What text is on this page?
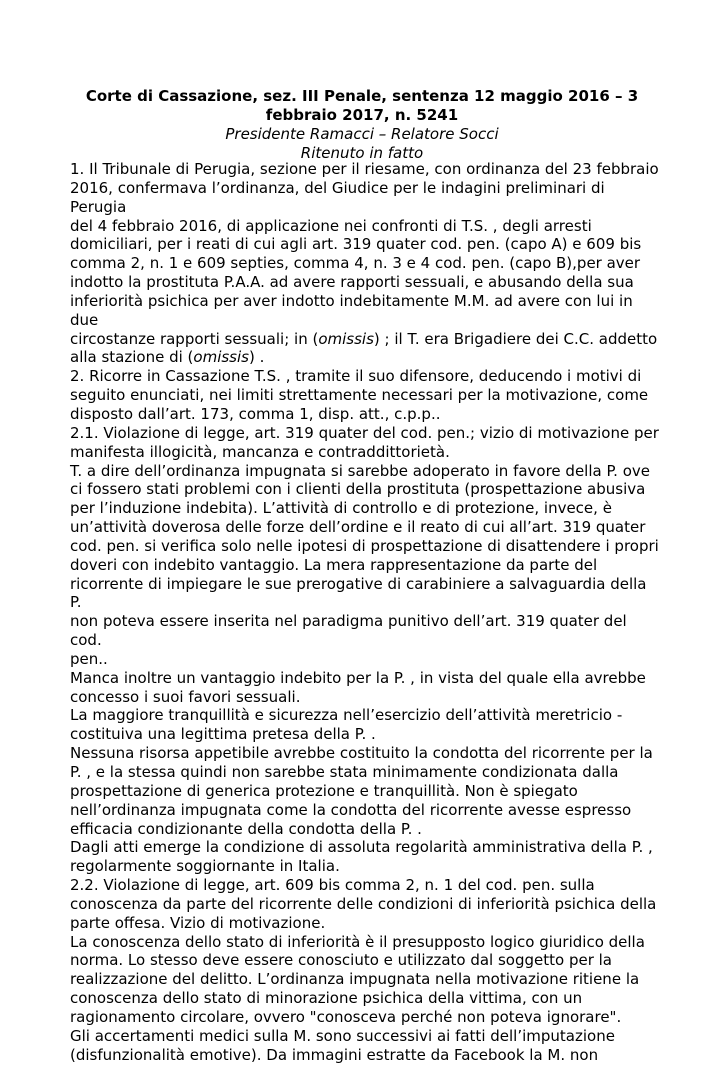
Corte di Cassazione, sez. III Penale, sentenza 12 maggio 2016 – 3 febbraio 2017, n. 5241

Presidente Ramacci – Relatore Socci

Ritenuto in fatto

1. Il Tribunale di Perugia, sezione per il riesame, con ordinanza del 23 febbraio
2016, confermava l’ordinanza, del Giudice per le indagini preliminari di Perugia
del 4 febbraio 2016, di applicazione nei confronti di T.S. , degli arresti
domiciliari, per i reati di cui agli art. 319 quater cod. pen. (capo A) e 609 bis
comma 2, n. 1 e 609 septies, comma 4, n. 3 e 4 cod. pen. (capo B),per aver
indotto la prostituta P.A.A. ad avere rapporti sessuali, e abusando della sua
inferiorità psichica per aver indotto indebitamente M.M. ad avere con lui in due
circostanze rapporti sessuali; in (omissis) ; il T. era Brigadiere dei C.C. addetto
alla stazione di (omissis) .

2. Ricorre in Cassazione T.S. , tramite il suo difensore, deducendo i motivi di
seguito enunciati, nei limiti strettamente necessari per la motivazione, come
disposto dall’art. 173, comma 1, disp. att., c.p.p..

2.1. Violazione di legge, art. 319 quater del cod. pen.; vizio di motivazione per
manifesta illogicità, mancanza e contraddittorietà.

T. a dire dell’ordinanza impugnata si sarebbe adoperato in favore della P. ove
ci fossero stati problemi con i clienti della prostituta (prospettazione abusiva
per l’induzione indebita). L’attività di controllo e di protezione, invece, è
un’attività doverosa delle forze dell’ordine e il reato di cui all’art. 319 quater
cod. pen. si verifica solo nelle ipotesi di prospettazione di disattendere i propri
doveri con indebito vantaggio. La mera rappresentazione da parte del
ricorrente di impiegare le sue prerogative di carabiniere a salvaguardia della P.
non poteva essere inserita nel paradigma punitivo dell’art. 319 quater del cod.
pen..

Manca inoltre un vantaggio indebito per la P. , in vista del quale ella avrebbe
concesso i suoi favori sessuali.

La maggiore tranquillità e sicurezza nell’esercizio dell’attività meretricio -
costituiva una legittima pretesa della P. .

Nessuna risorsa appetibile avrebbe costituito la condotta del ricorrente per la
P. , e la stessa quindi non sarebbe stata minimamente condizionata dalla
prospettazione di generica protezione e tranquillità. Non è spiegato
nell’ordinanza impugnata come la condotta del ricorrente avesse espresso
efficacia condizionante della condotta della P. .

Dagli atti emerge la condizione di assoluta regolarità amministrativa della P. ,
regolarmente soggiornante in Italia.

2.2. Violazione di legge, art. 609 bis comma 2, n. 1 del cod. pen. sulla
conoscenza da parte del ricorrente delle condizioni di inferiorità psichica della
parte offesa. Vizio di motivazione.

La conoscenza dello stato di inferiorità è il presupposto logico giuridico della
norma. Lo stesso deve essere conosciuto e utilizzato dal soggetto per la
realizzazione del delitto. L’ordinanza impugnata nella motivazione ritiene la
conoscenza dello stato di minorazione psichica della vittima, con un
ragionamento circolare, ovvero "conosceva perché non poteva ignorare".

Gli accertamenti medici sulla M. sono successivi ai fatti dell’imputazione
(disfunzionalità emotive). Da immagini estratte da Facebook la M. non
